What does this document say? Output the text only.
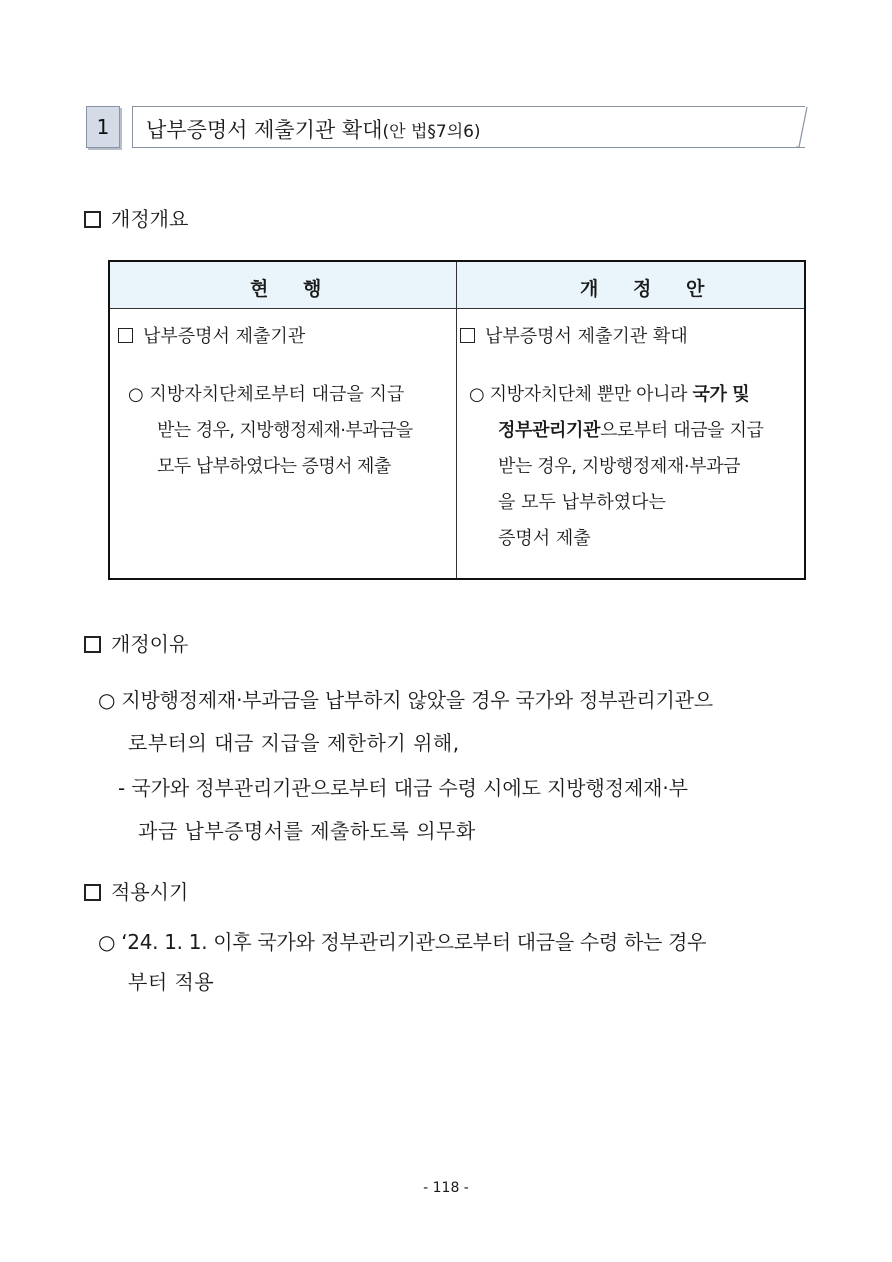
1	납부증명서 제출기관 확대(안 법§7의6)
개정개요
현 행	개 정 안
납부증명서 제출기관
○ 지방자치단체로부터 대금을 지급
받는 경우, 지방행정제재·부과금을
모두 납부하였다는 증명서 제출
납부증명서 제출기관 확대
○ 지방자치단체 뿐만 아니라 국가 및
정부관리기관으로부터 대금을 지급
받는 경우, 지방행정제재·부과금
을 모두 납부하였다는
증명서 제출
개정이유
○ 지방행정제재·부과금을 납부하지 않았을 경우 국가와 정부관리기관으
로부터의 대금 지급을 제한하기 위해,
- 국가와 정부관리기관으로부터 대금 수령 시에도 지방행정제재·부
과금 납부증명서를 제출하도록 의무화
적용시기
○ ‘24. 1. 1. 이후 국가와 정부관리기관으로부터 대금을 수령 하는 경우
부터 적용
- 118 -
